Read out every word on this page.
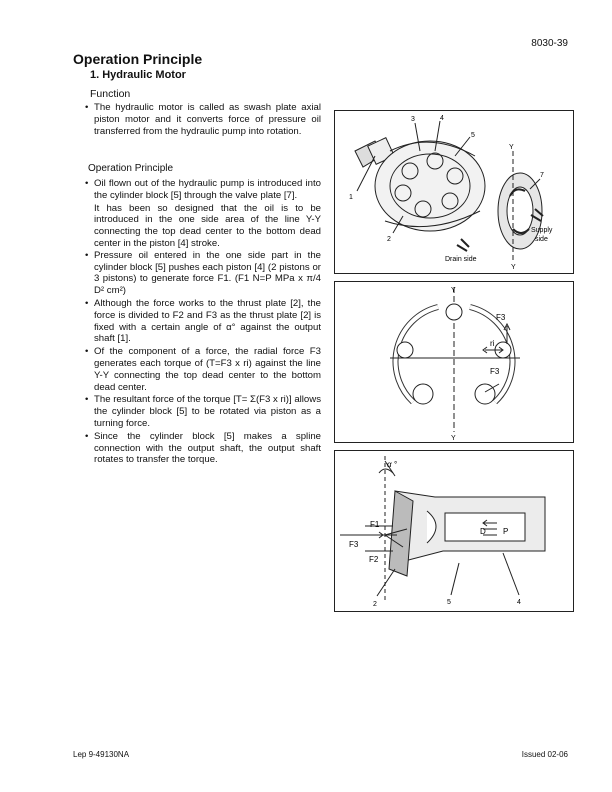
8030-39
Operation Principle
1. Hydraulic Motor
Function
• The hydraulic motor is called as swash plate axial piston motor and it converts force of pressure oil transferred from the hydraulic pump into rotation.
Operation Principle
• Oil flown out of the hydraulic pump is introduced into the cylinder block [5] through the valve plate [7].

It has been so designed that the oil is to be introduced in the one side area of the line Y-Y connecting the top dead center to the bottom dead center in the piston [4] stroke.

• Pressure oil entered in the one side part in the cylinder block [5] pushes each piston [4] (2 pistons or 3 pistons) to generate force F1. (F1 N=P MPa x π/4 D² cm²)
• Although the force works to the thrust plate [2], the force is divided to F2 and F3 as the thrust plate [2] is fixed with a certain angle of α° against the output shaft [1].
• Of the component of a force, the radial force F3 generates each torque of (T=F3 x ri) against the line Y-Y connecting the top dead center to the bottom dead center.
• The resultant force of the torque [T= Σ(F3 x ri)] allows the cylinder block [5] to be rotated via piston as a turning force.
• Since the cylinder block [5] makes a spline connection with the output shaft, the output shaft rotates to transfer the torque.
1
2
3	4
5
7
Y
Y
Supply
side
Drain side
Y
Y
F3
F3
ri
α °
F1
F2
F3
D P
2	5	4
Lep 9-49130NA	Issued 02-06
